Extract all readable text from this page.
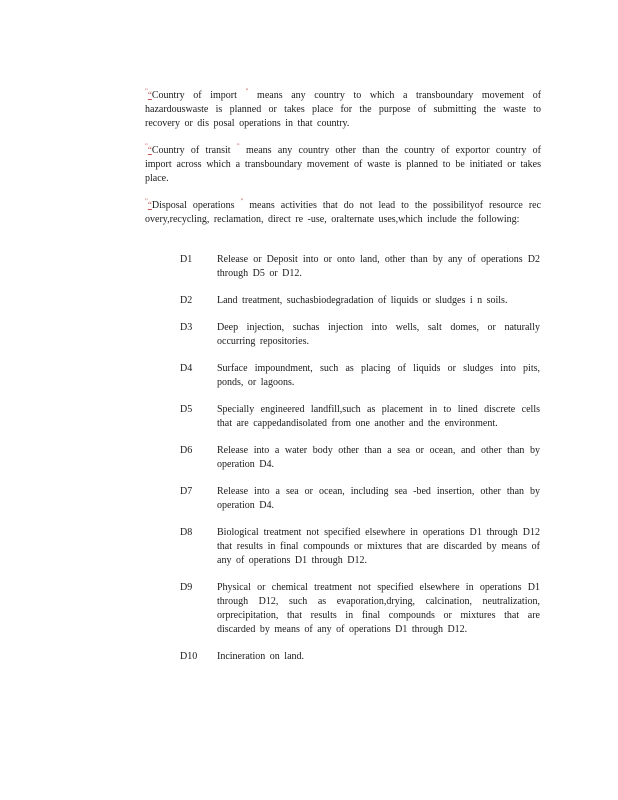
"“Country of import " means any country to which a transboundary movement of hazardouswaste is planned or takes place for the purpose of submitting the waste to recovery or dis posal operations in that country.

"“Country of transit " means any country other than the country of exportor country of import across which a transboundary movement of waste is planned to be initiated or takes place.

"“Disposal operations " means activities that do not lead to the possibilityof resource rec overy,recycling, reclamation, direct re -use, oralternate uses,which include the following:

D1	Release or Deposit into or onto land, other than by any of operations D2 through D5 or D12.
D2	Land treatment, suchasbiodegradation of liquids or sludges i n soils.
D3	Deep injection, suchas injection into wells, salt domes, or naturally occurring repositories.
D4	Surface impoundment, such as placing of liquids or sludges into pits, ponds, or lagoons.
D5	Specially engineered landfill,such as placement in to lined discrete cells that are cappedandisolated from one another and the environment.
D6	Release into a water body other than a sea or ocean, and other than by operation D4.
D7	Release into a sea or ocean, including sea -bed insertion, other than by operation D4.
D8	Biological treatment not specified elsewhere in operations D1 through D12 that results in final compounds or mixtures that are discarded by means of any of operations D1 through D12.
D9	Physical or chemical treatment not specified elsewhere in operations D1 through D12, such as evaporation,drying, calcination, neutralization, orprecipitation, that results in final compounds or mixtures that are discarded by means of any of operations D1 through D12.
D10	Incineration on land.
